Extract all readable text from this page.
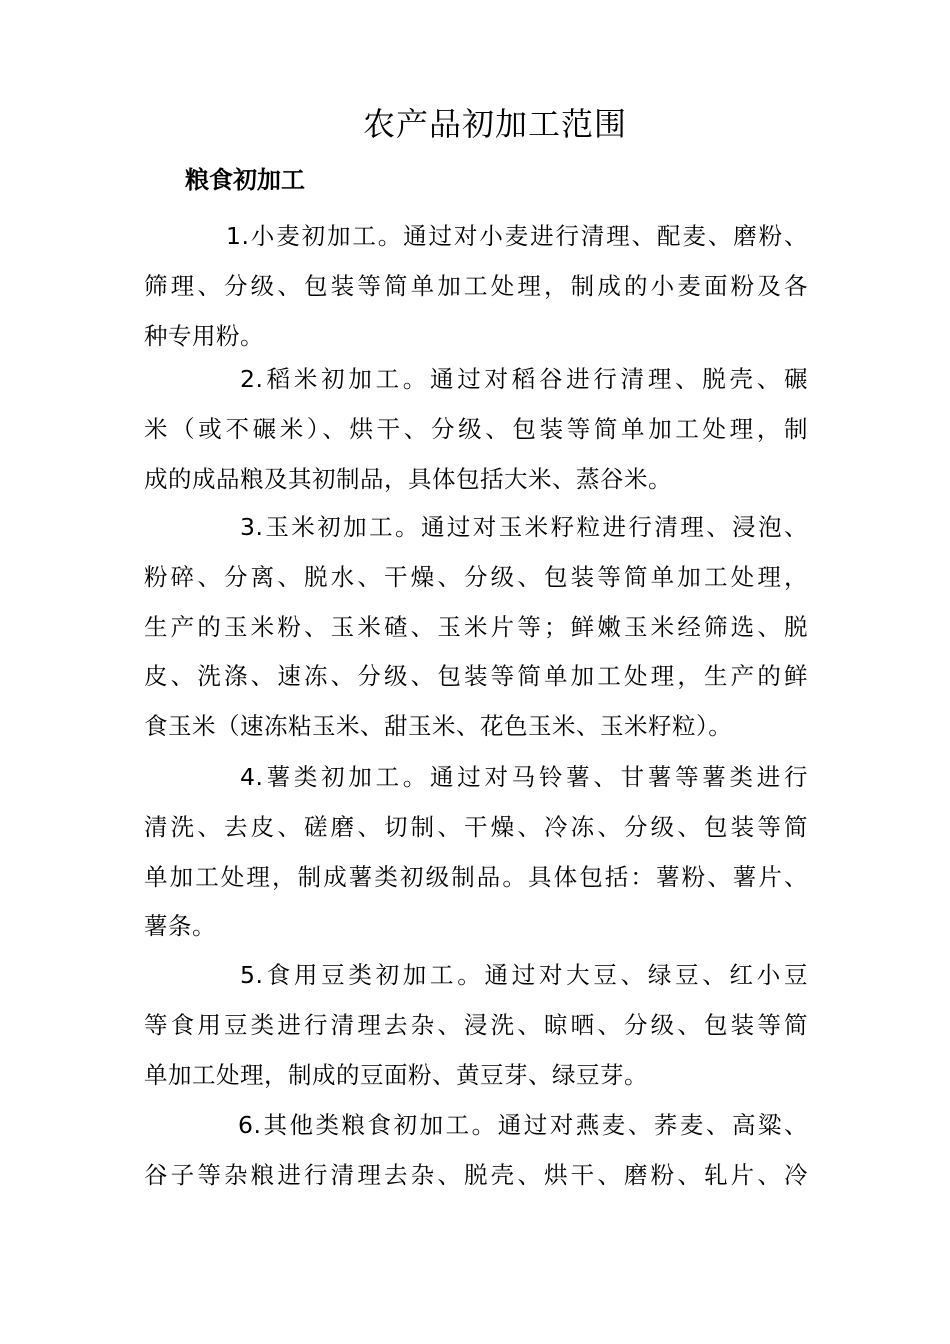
农产品初加工范围
粮食初加工
1.小麦初加工。通过对小麦进行清理、配麦、磨粉、
筛理、分级、包装等简单加工处理，制成的小麦面粉及各
种专用粉。
2.稻米初加工。通过对稻谷进行清理、脱壳、碾
米（或不碾米）、烘干、分级、包装等简单加工处理，制
成的成品粮及其初制品，具体包括大米、蒸谷米。
3.玉米初加工。通过对玉米籽粒进行清理、浸泡、
粉碎、分离、脱水、干燥、分级、包装等简单加工处理，
生产的玉米粉、玉米碴、玉米片等；鲜嫩玉米经筛选、脱
皮、洗涤、速冻、分级、包装等简单加工处理，生产的鲜
食玉米（速冻粘玉米、甜玉米、花色玉米、玉米籽粒）。
4.薯类初加工。通过对马铃薯、甘薯等薯类进行
清洗、去皮、磋磨、切制、干燥、冷冻、分级、包装等简
单加工处理，制成薯类初级制品。具体包括：薯粉、薯片、
薯条。
5.食用豆类初加工。通过对大豆、绿豆、红小豆
等食用豆类进行清理去杂、浸洗、晾晒、分级、包装等简
单加工处理，制成的豆面粉、黄豆芽、绿豆芽。
6.其他类粮食初加工。通过对燕麦、荞麦、高粱、
谷子等杂粮进行清理去杂、脱壳、烘干、磨粉、轧片、冷
